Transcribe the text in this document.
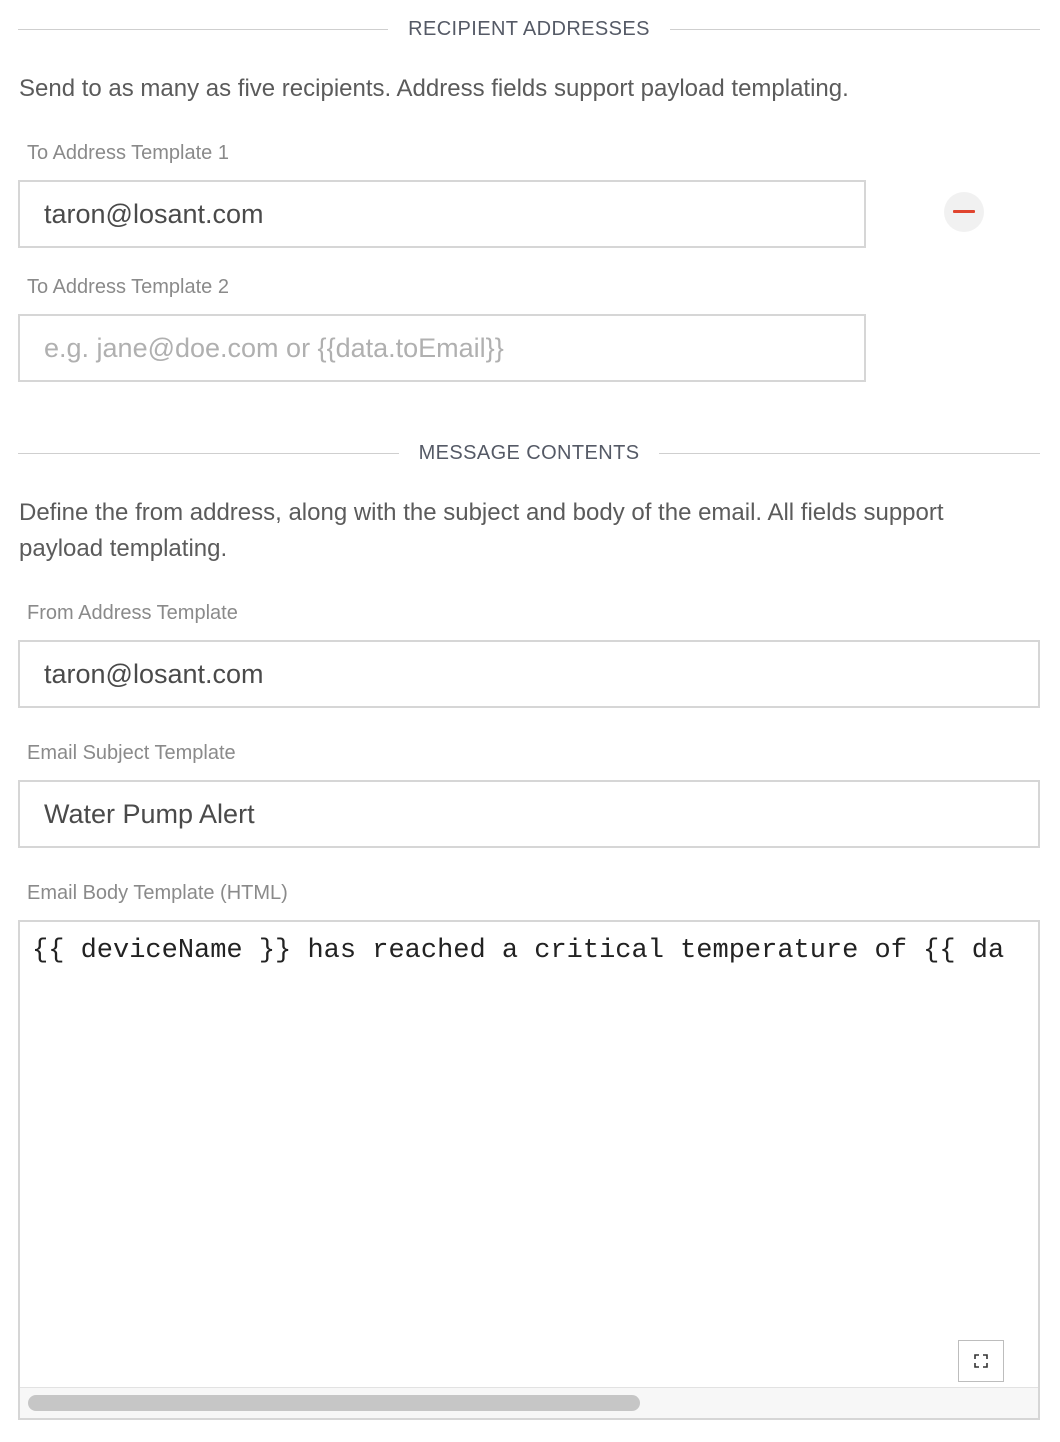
RECIPIENT ADDRESSES

Send to as many as five recipients. Address fields support payload templating.

To Address Template 1
taron@losant.com
To Address Template 2
e.g. jane@doe.com or {{data.toEmail}}
MESSAGE CONTENTS

Define the from address, along with the subject and body of the email. All fields support payload templating.

From Address Template
taron@losant.com
Email Subject Template
Water Pump Alert
Email Body Template (HTML)
{{ deviceName }} has reached a critical temperature of {{ da
